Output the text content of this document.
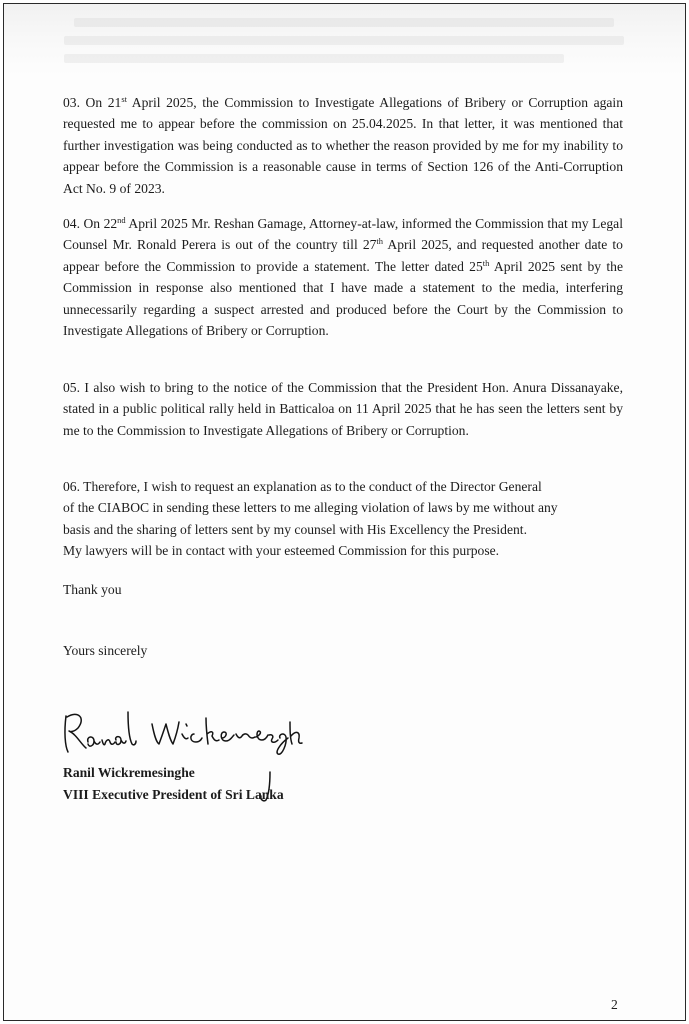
03. On 21st April 2025, the Commission to Investigate Allegations of Bribery or Corruption again requested me to appear before the commission on 25.04.2025. In that letter, it was mentioned that further investigation was being conducted as to whether the reason provided by me for my inability to appear before the Commission is a reasonable cause in terms of Section 126 of the Anti-Corruption Act No. 9 of 2023.

04. On 22nd April 2025 Mr. Reshan Gamage, Attorney-at-law, informed the Commission that my Legal Counsel Mr. Ronald Perera is out of the country till 27th April 2025, and requested another date to appear before the Commission to provide a statement. The letter dated 25th April 2025 sent by the Commission in response also mentioned that I have made a statement to the media, interfering unnecessarily regarding a suspect arrested and produced before the Court by the Commission to Investigate Allegations of Bribery or Corruption.

05. I also wish to bring to the notice of the Commission that the President Hon. Anura Dissanayake, stated in a public political rally held in Batticaloa on 11 April 2025 that he has seen the letters sent by me to the Commission to Investigate Allegations of Bribery or Corruption.

06. Therefore, I wish to request an explanation as to the conduct of the Director General
of the CIABOC in sending these letters to me alleging violation of laws by me without any
basis and the sharing of letters sent by my counsel with His Excellency the President.
My lawyers will be in contact with your esteemed Commission for this purpose.

Thank you

Yours sincerely

Ranil Wickremesinghe
VIII Executive President of Sri Lanka

2
